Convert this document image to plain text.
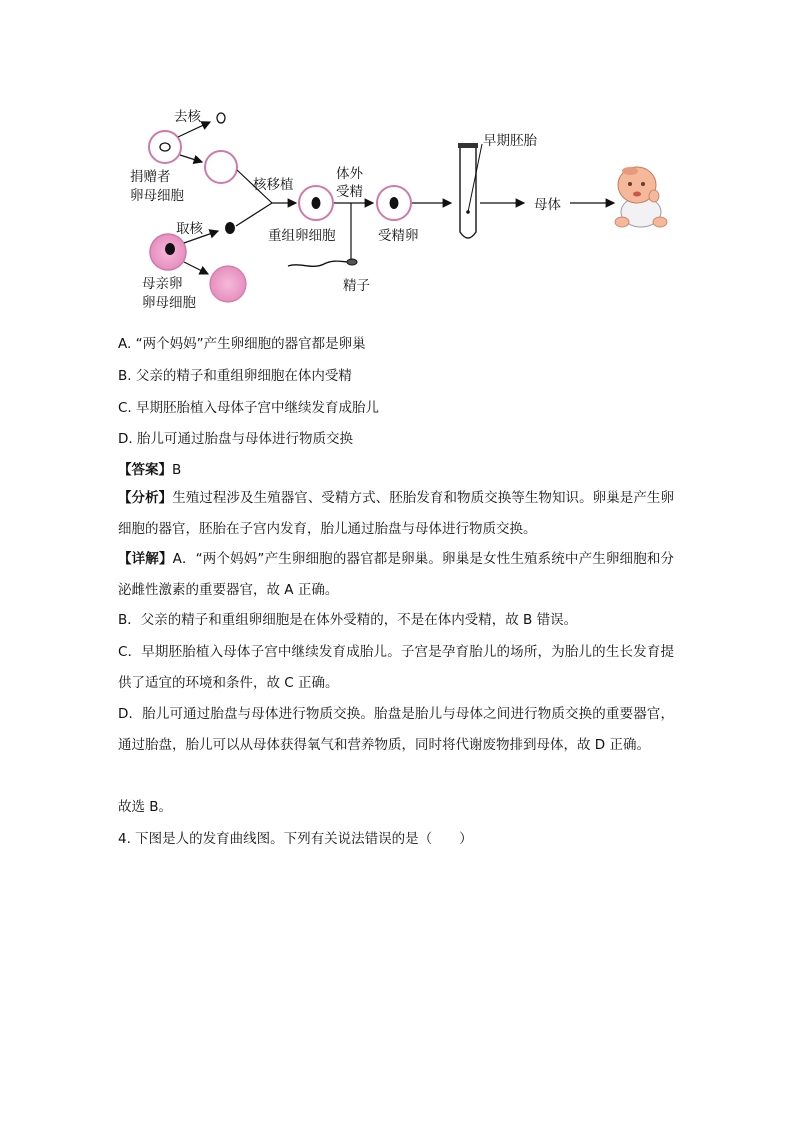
去核
捐赠者
卵母细胞
母亲卵
卵母细胞
取核
核移植
重组卵细胞
体外
受精
精子
受精卵
早期胚胎
母体
A. “两个妈妈”产生卵细胞的器官都是卵巢
B. 父亲的精子和重组卵细胞在体内受精
C. 早期胚胎植入母体子宫中继续发育成胎儿
D. 胎儿可通过胎盘与母体进行物质交换
【答案】B
【分析】生殖过程涉及生殖器官、受精方式、胚胎发育和物质交换等生物知识。卵巢是产生卵细胞的器官，胚胎在子宫内发育，胎儿通过胎盘与母体进行物质交换。
【详解】A．“两个妈妈”产生卵细胞的器官都是卵巢。卵巢是女性生殖系统中产生卵细胞和分泌雌性激素的重要器官，故 A 正确。
B．父亲的精子和重组卵细胞是在体外受精的，不是在体内受精，故 B 错误。
C．早期胚胎植入母体子宫中继续发育成胎儿。子宫是孕育胎儿的场所，为胎儿的生长发育提供了适宜的环境和条件，故 C 正确。
D．胎儿可通过胎盘与母体进行物质交换。胎盘是胎儿与母体之间进行物质交换的重要器官，通过胎盘，胎儿可以从母体获得氧气和营养物质，同时将代谢废物排到母体，故 D 正确。
故选 B。
4. 下图是人的发育曲线图。下列有关说法错误的是（　　）
